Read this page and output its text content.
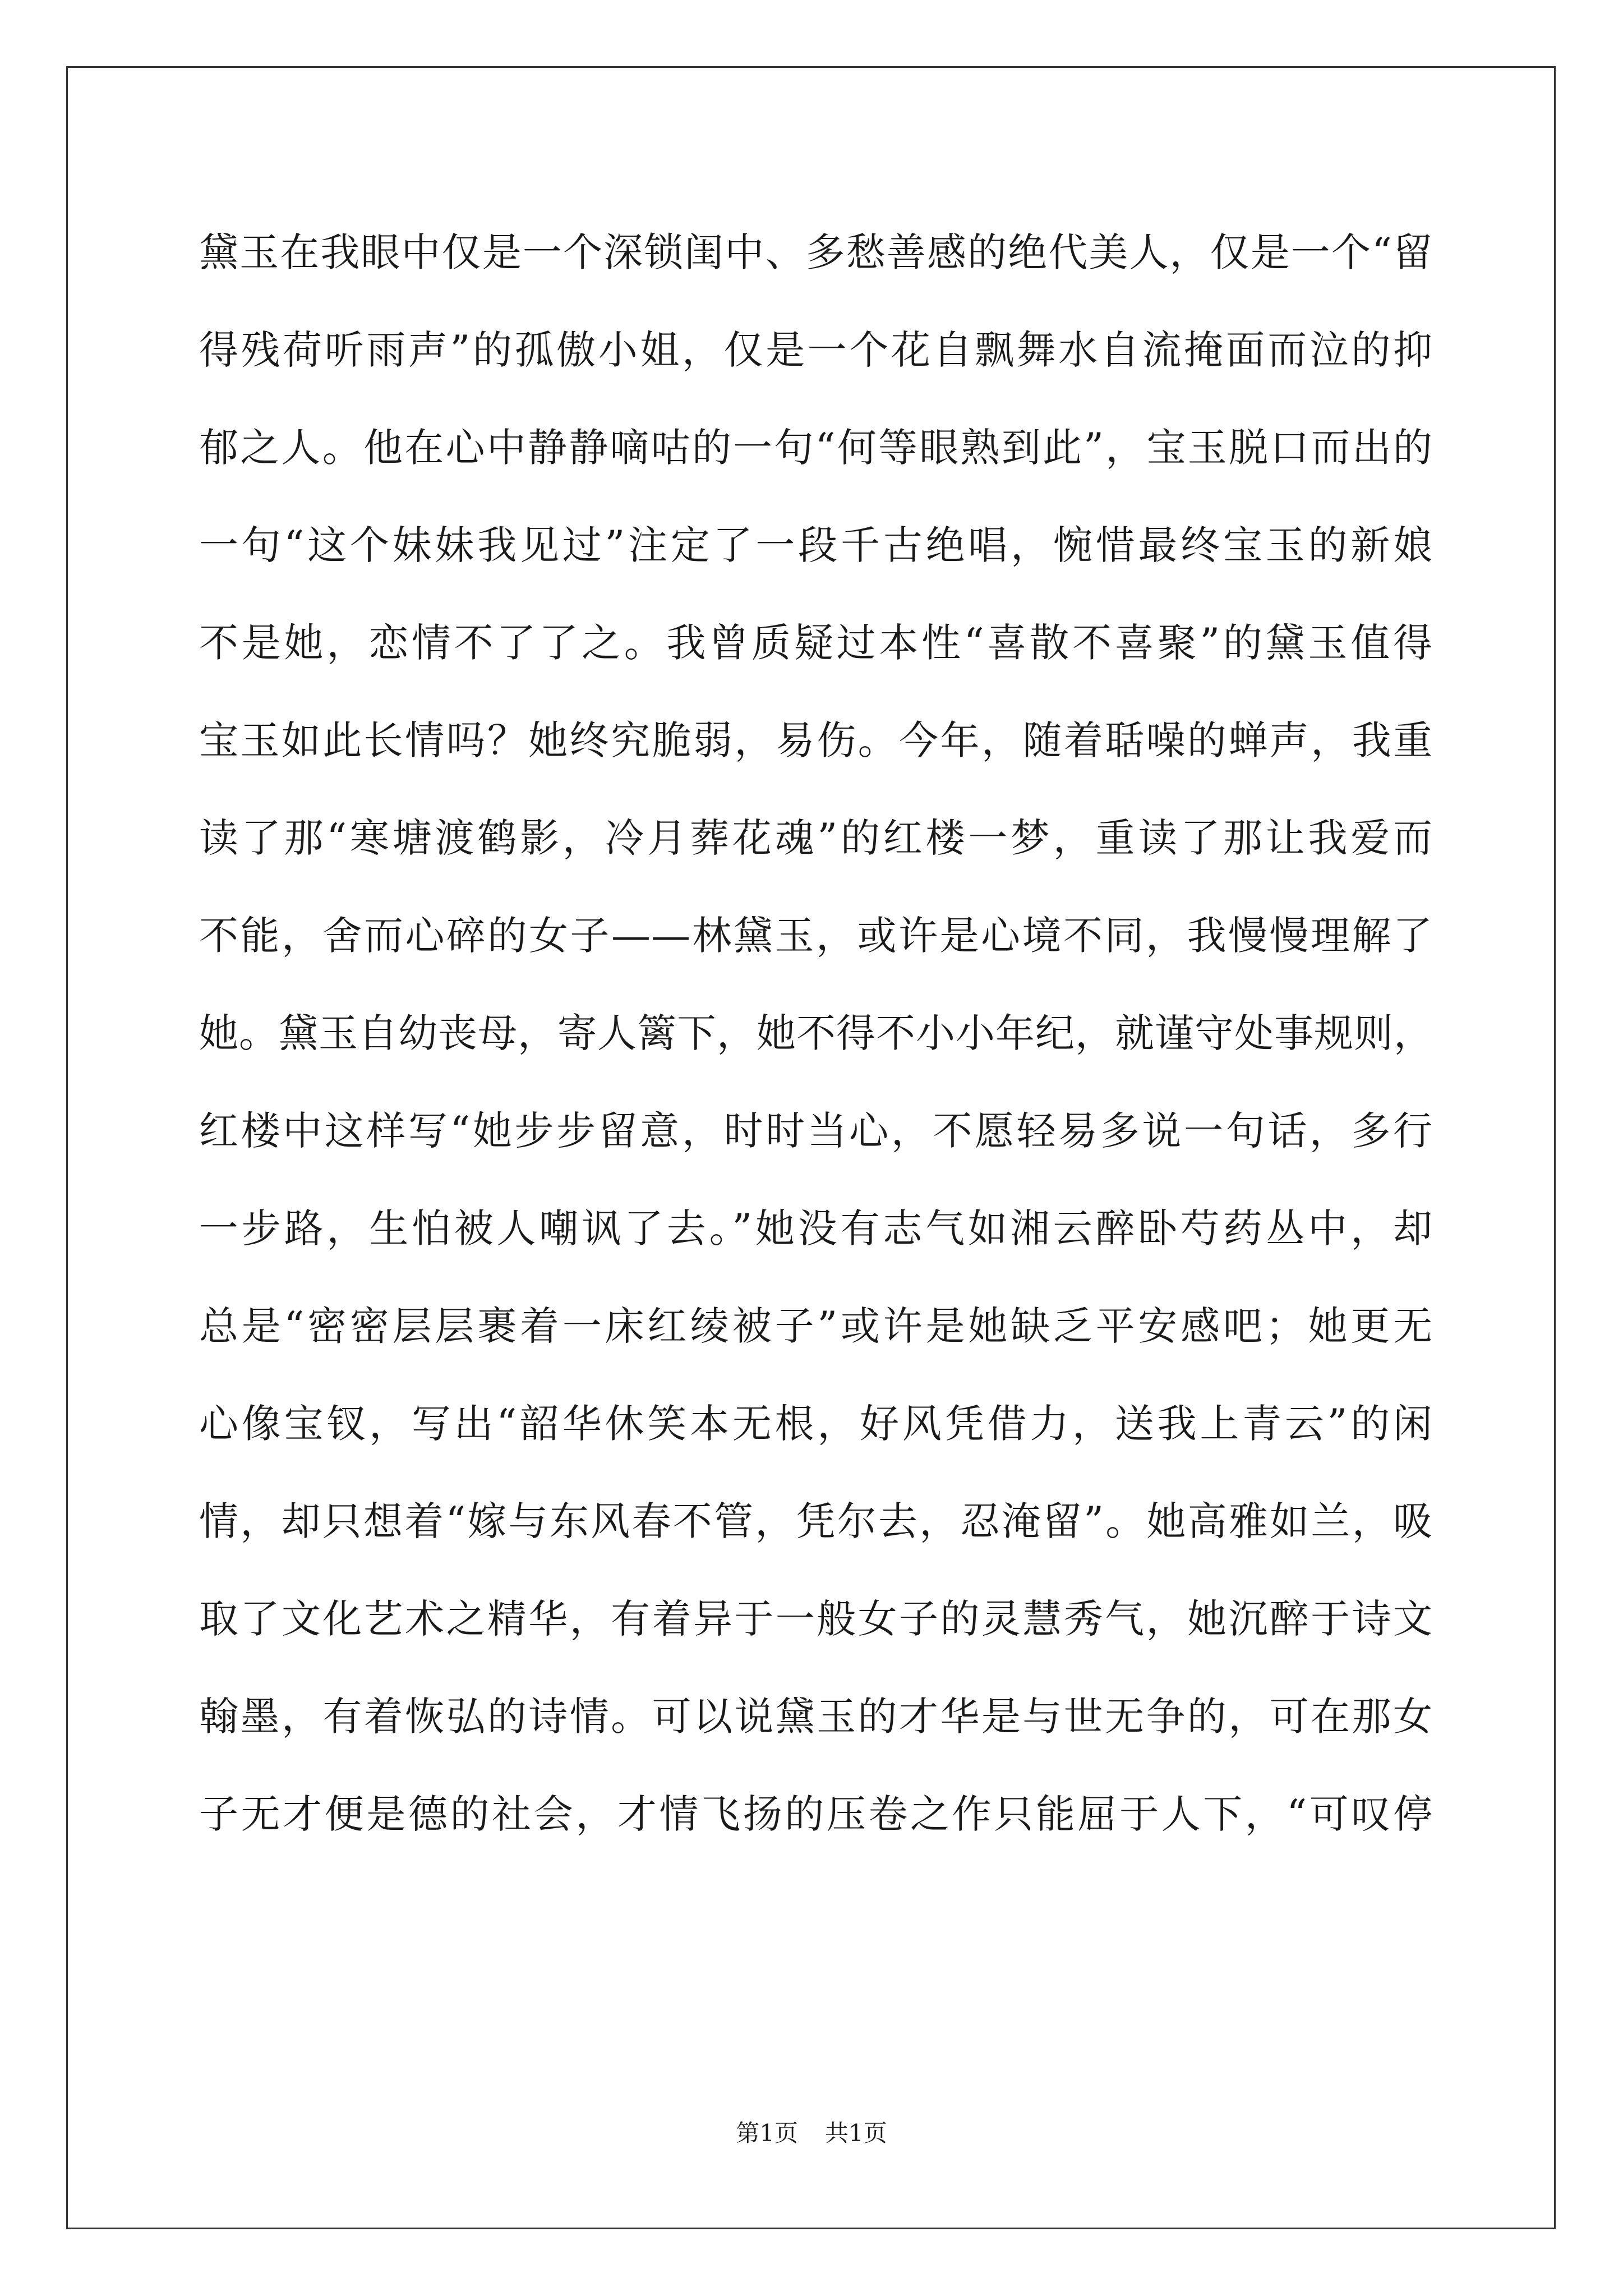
黛玉在我眼中仅是一个深锁闺中、多愁善感的绝代美人，仅是一个“留
得残荷听雨声”的孤傲小姐，仅是一个花自飘舞水自流掩面而泣的抑
郁之人。他在心中静静嘀咕的一句“何等眼熟到此”，宝玉脱口而出的
一句“这个妹妹我见过”注定了一段千古绝唱，惋惜最终宝玉的新娘
不是她，恋情不了了之。我曾质疑过本性“喜散不喜聚”的黛玉值得
宝玉如此长情吗？她终究脆弱，易伤。今年，随着聒噪的蝉声，我重
读了那“寒塘渡鹤影，冷月葬花魂”的红楼一梦，重读了那让我爱而
不能，舍而心碎的女子——林黛玉，或许是心境不同，我慢慢理解了
她。黛玉自幼丧母，寄人篱下，她不得不小小年纪，就谨守处事规则，
红楼中这样写“她步步留意，时时当心，不愿轻易多说一句话，多行
一步路，生怕被人嘲讽了去。”她没有志气如湘云醉卧芍药丛中，却
总是“密密层层裹着一床红绫被子”或许是她缺乏平安感吧；她更无
心像宝钗，写出“韶华休笑本无根，好风凭借力，送我上青云”的闲
情，却只想着“嫁与东风春不管，凭尔去，忍淹留”。她高雅如兰，吸
取了文化艺术之精华，有着异于一般女子的灵慧秀气，她沉醉于诗文
翰墨，有着恢弘的诗情。可以说黛玉的才华是与世无争的，可在那女
子无才便是德的社会，才情飞扬的压卷之作只能屈于人下，“可叹停
第1页 共1页
